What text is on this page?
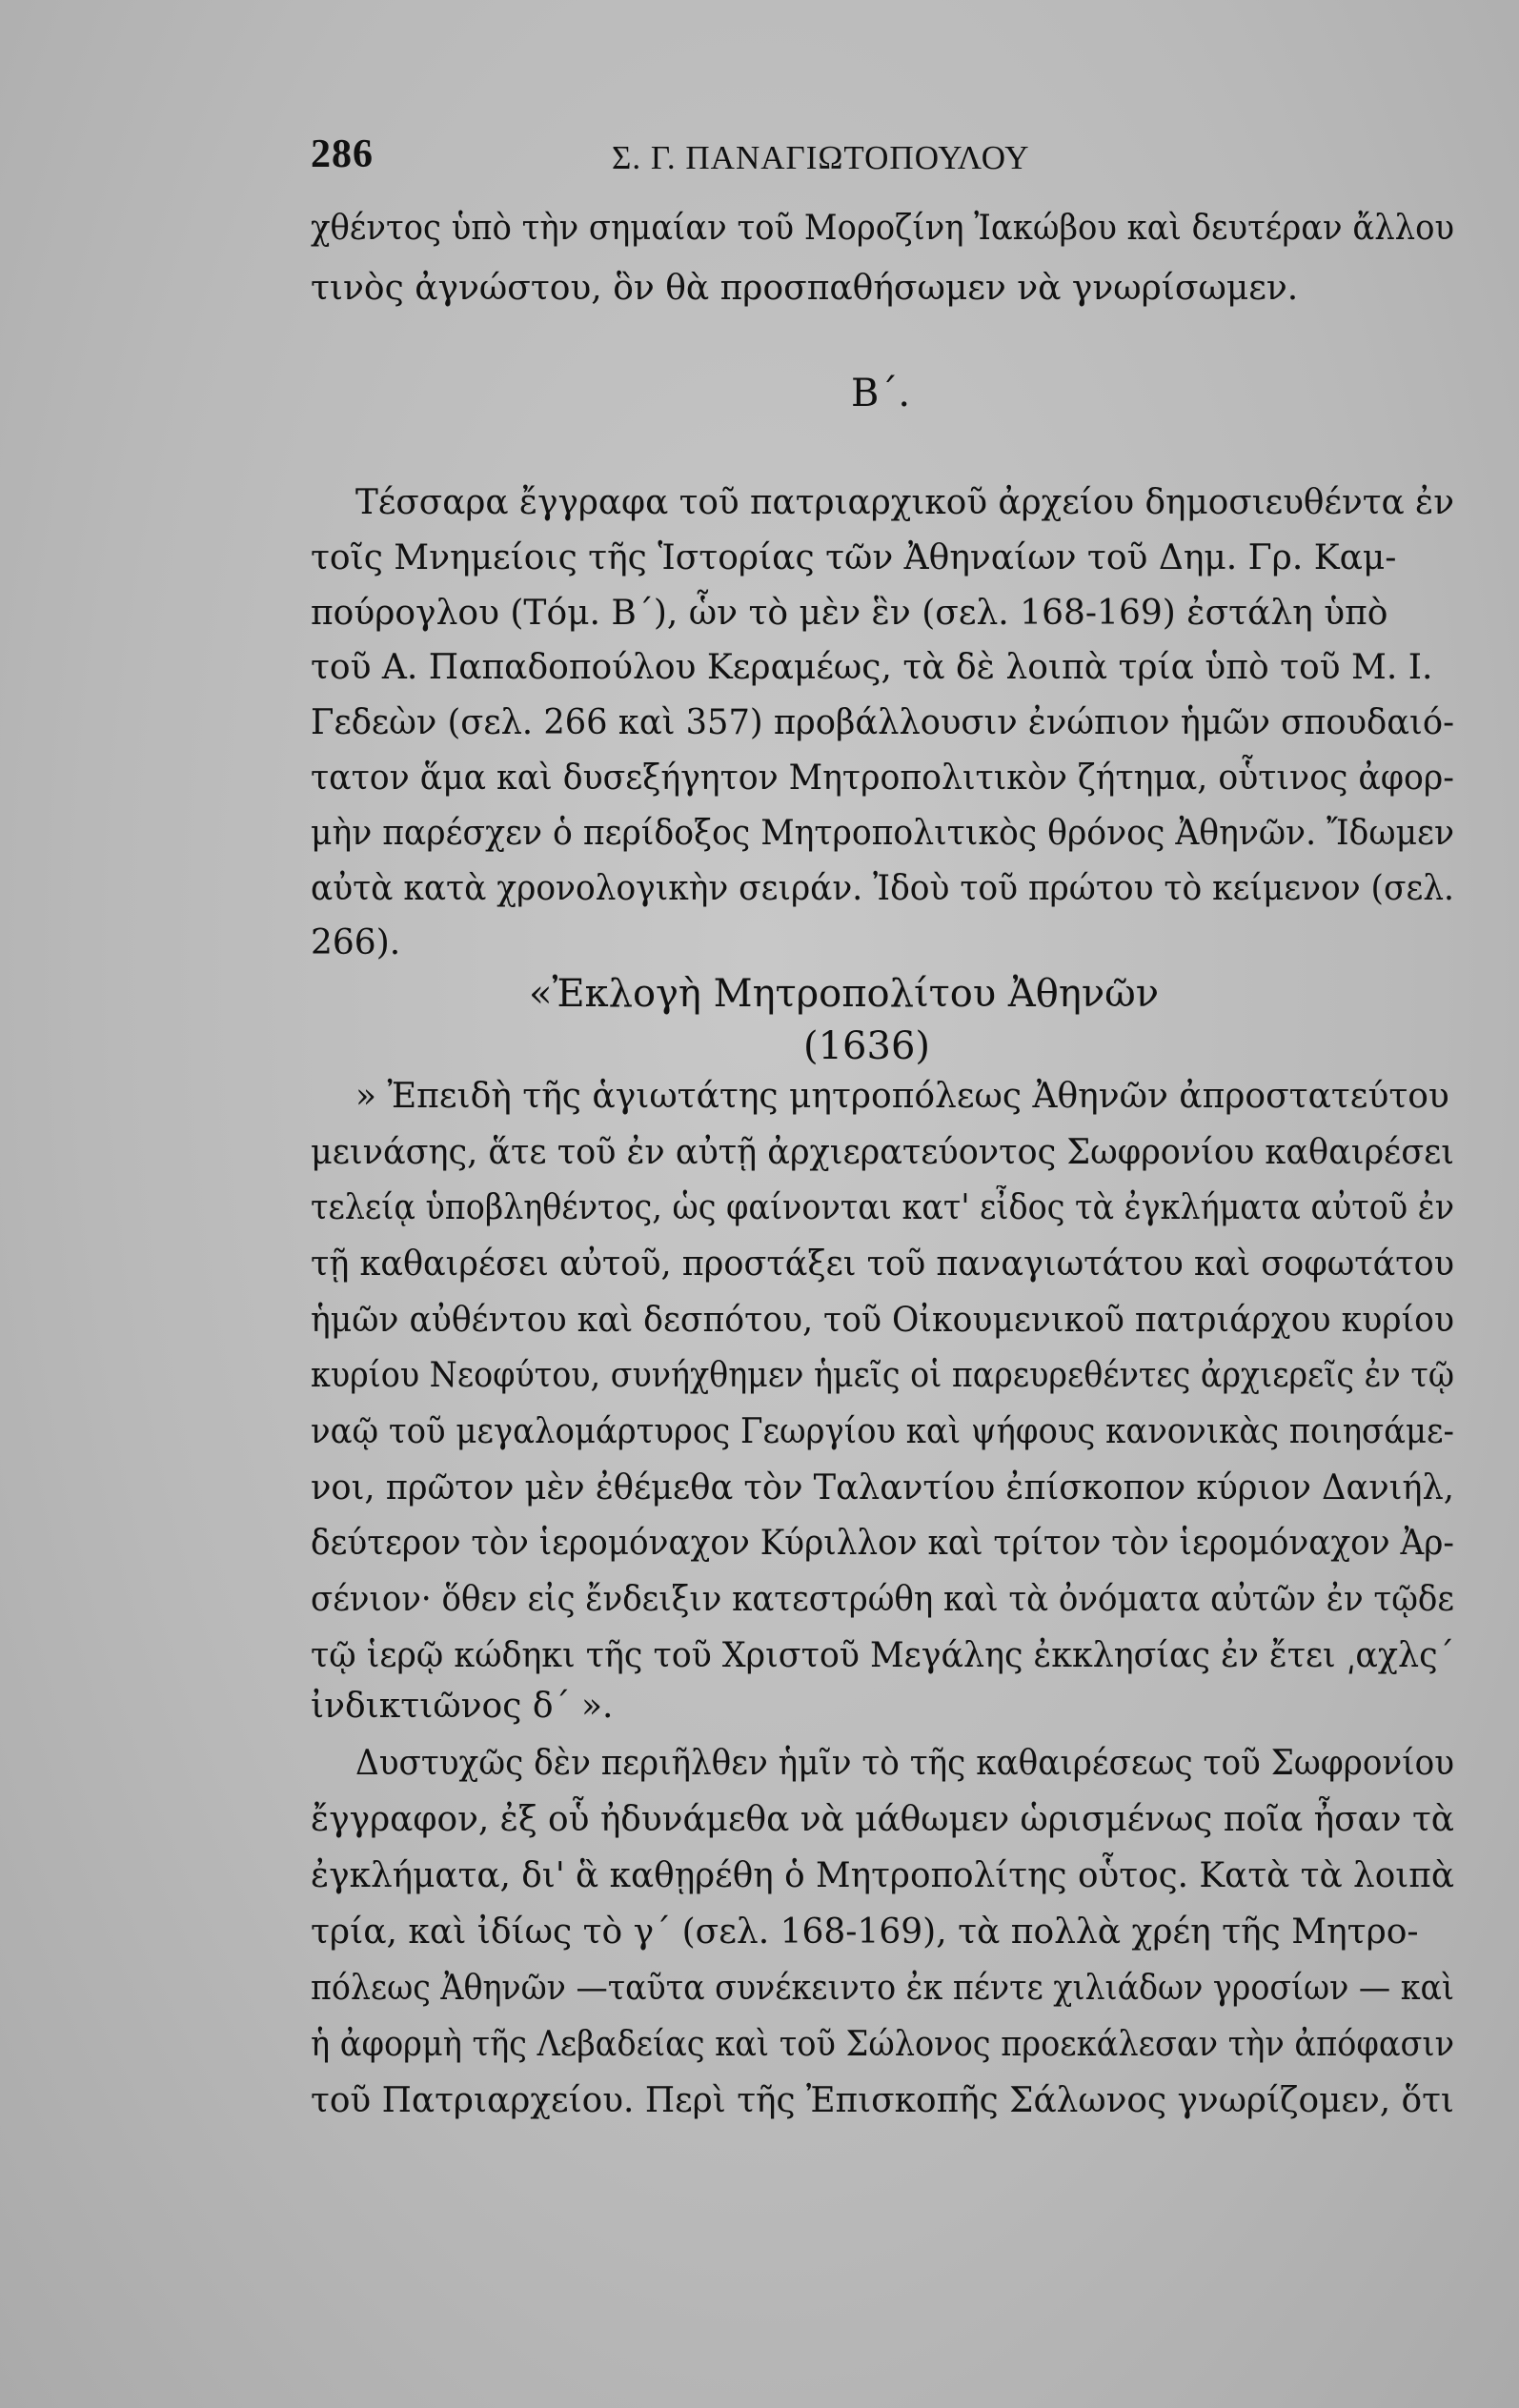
286	Σ. Γ. ΠΑΝΑΓΙΩΤΟΠΟΥΛΟΥ
χθέντος ὑπὸ τὴν σημαίαν τοῦ Μοροζίνη Ἰακώβου καὶ δευτέραν ἄλλου
τινὸς ἀγνώστου, ὃν θὰ προσπαθήσωμεν νὰ γνωρίσωμεν.
Β΄.
Τέσσαρα ἔγγραφα τοῦ πατριαρχικοῦ ἀρχείου δημοσιευθέντα ἐν
τοῖς Μνημείοις τῆς Ἱστορίας τῶν Ἀθηναίων τοῦ Δημ. Γρ. Καμ-
πούρογλου (Τόμ. Β΄), ὧν τὸ μὲν ἓν (σελ. 168-169) ἐστάλη ὑπὸ
τοῦ Α. Παπαδοπούλου Κεραμέως, τὰ δὲ λοιπὰ τρία ὑπὸ τοῦ Μ. Ι.
Γεδεὼν (σελ. 266 καὶ 357) προβάλλουσιν ἐνώπιον ἡμῶν σπουδαιό-
τατον ἅμα καὶ δυσεξήγητον Μητροπολιτικὸν ζήτημα, οὗτινος ἀφορ-
μὴν παρέσχεν ὁ περίδοξος Μητροπολιτικὸς θρόνος Ἀθηνῶν. Ἴδωμεν
αὐτὰ κατὰ χρονολογικὴν σειράν. Ἰδοὺ τοῦ πρώτου τὸ κείμενον (σελ.
266).
«Ἐκλογὴ Μητροπολίτου Ἀθηνῶν
(1636)
» Ἐπειδὴ τῆς ἁγιωτάτης μητροπόλεως Ἀθηνῶν ἀπροστατεύτου
μεινάσης, ἅτε τοῦ ἐν αὐτῇ ἀρχιερατεύοντος Σωφρονίου καθαιρέσει
τελείᾳ ὑποβληθέντος, ὡς φαίνονται κατ' εἶδος τὰ ἐγκλήματα αὐτοῦ ἐν
τῇ καθαιρέσει αὐτοῦ, προστάξει τοῦ παναγιωτάτου καὶ σοφωτάτου
ἡμῶν αὐθέντου καὶ δεσπότου, τοῦ Οἰκουμενικοῦ πατριάρχου κυρίου
κυρίου Νεοφύτου, συνήχθημεν ἡμεῖς οἱ παρευρεθέντες ἀρχιερεῖς ἐν τῷ
ναῷ τοῦ μεγαλομάρτυρος Γεωργίου καὶ ψήφους κανονικὰς ποιησάμε-
νοι, πρῶτον μὲν ἐθέμεθα τὸν Ταλαντίου ἐπίσκοπον κύριον Δανιήλ,
δεύτερον τὸν ἱερομόναχον Κύριλλον καὶ τρίτον τὸν ἱερομόναχον Ἀρ-
σένιον· ὅθεν εἰς ἔνδειξιν κατεστρώθη καὶ τὰ ὀνόματα αὐτῶν ἐν τῷδε
τῷ ἱερῷ κώδηκι τῆς τοῦ Χριστοῦ Μεγάλης ἐκκλησίας ἐν ἔτει ͵αχλς΄
ἰνδικτιῶνος δ΄ ».
Δυστυχῶς δὲν περιῆλθεν ἡμῖν τὸ τῆς καθαιρέσεως τοῦ Σωφρονίου
ἔγγραφον, ἐξ οὗ ἠδυνάμεθα νὰ μάθωμεν ὡρισμένως ποῖα ἦσαν τὰ
ἐγκλήματα, δι' ἃ καθῃρέθη ὁ Μητροπολίτης οὗτος. Κατὰ τὰ λοιπὰ
τρία, καὶ ἰδίως τὸ γ΄ (σελ. 168-169), τὰ πολλὰ χρέη τῆς Μητρο-
πόλεως Ἀθηνῶν —ταῦτα συνέκειντο ἐκ πέντε χιλιάδων γροσίων — καὶ
ἡ ἀφορμὴ τῆς Λεβαδείας καὶ τοῦ Σώλονος προεκάλεσαν τὴν ἀπόφασιν
τοῦ Πατριαρχείου. Περὶ τῆς Ἐπισκοπῆς Σάλωνος γνωρίζομεν, ὅτι
